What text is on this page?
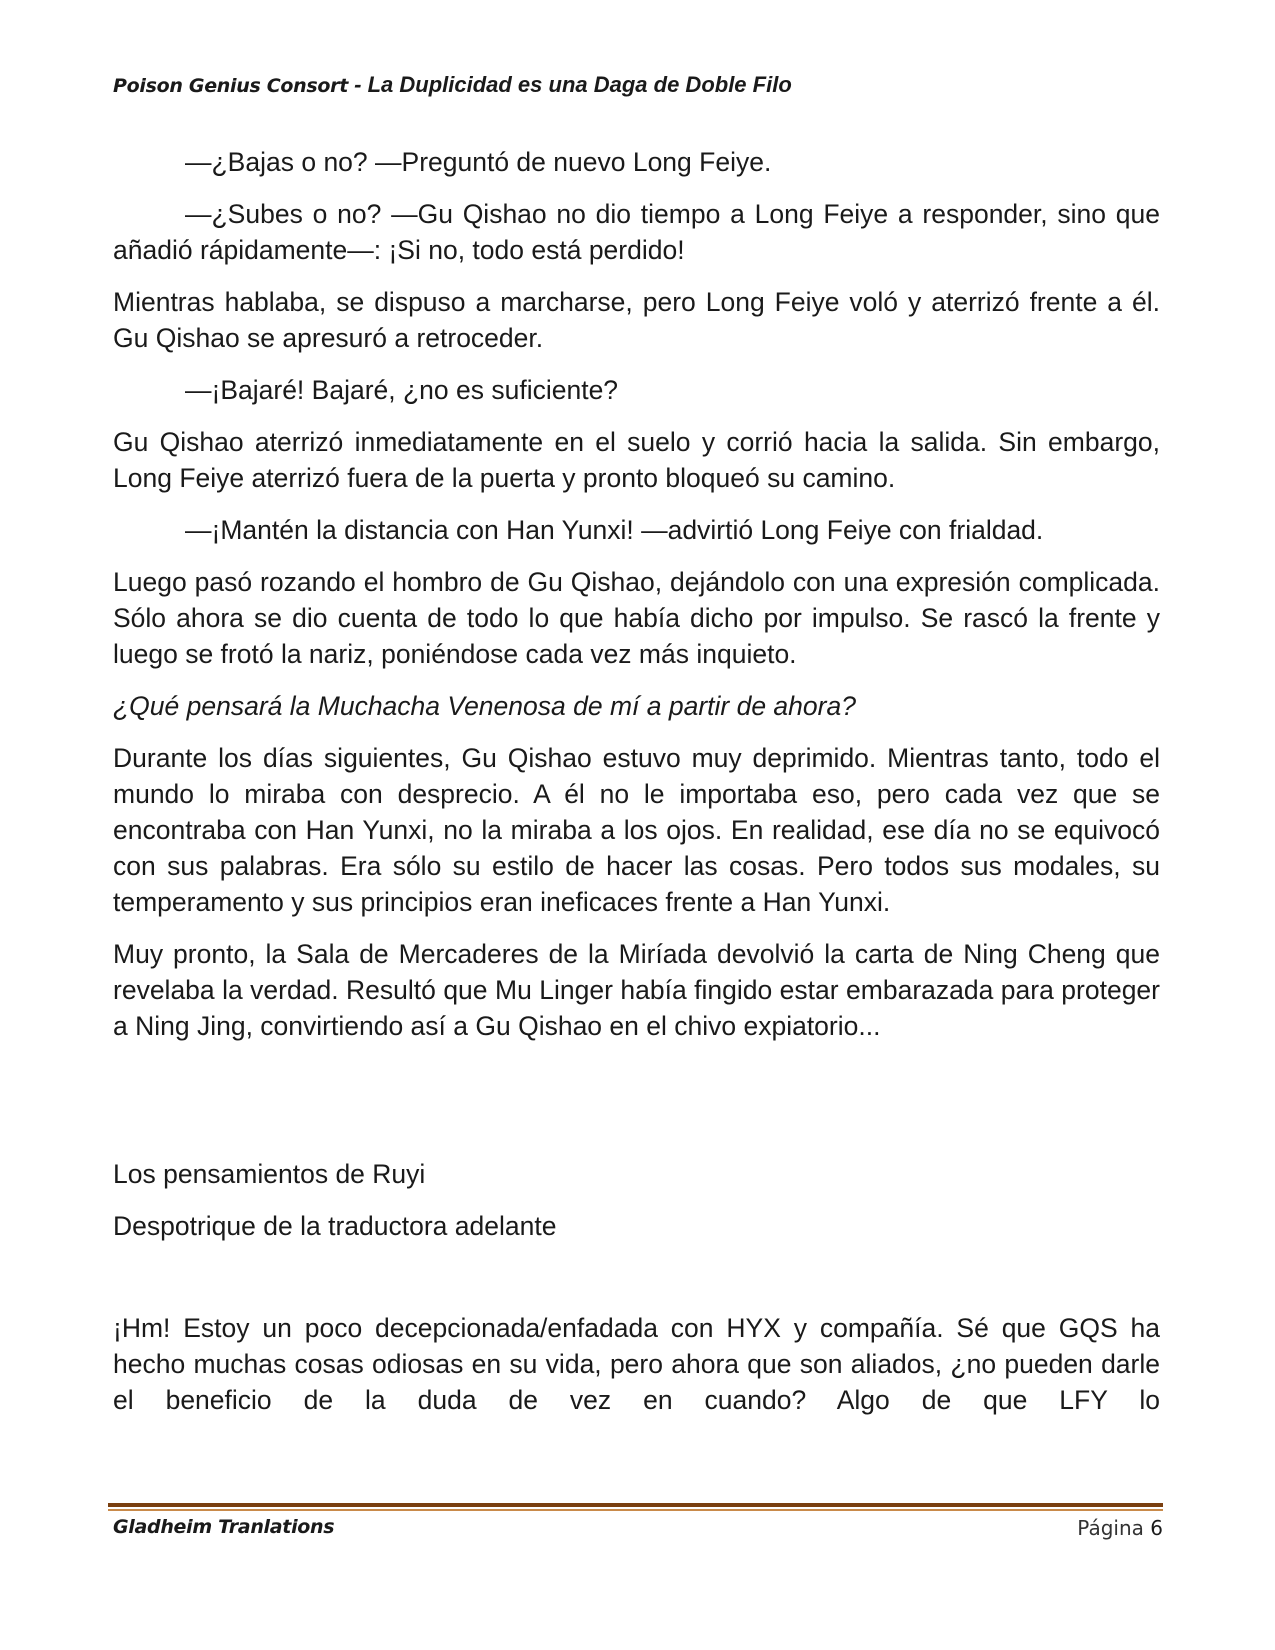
Poison Genius Consort - La Duplicidad es una Daga de Doble Filo

—¿Bajas o no? —Preguntó de nuevo Long Feiye.

—¿Subes o no? —Gu Qishao no dio tiempo a Long Feiye a responder, sino que añadió rápidamente—: ¡Si no, todo está perdido!

Mientras hablaba, se dispuso a marcharse, pero Long Feiye voló y aterrizó frente a él. Gu Qishao se apresuró a retroceder.

—¡Bajaré! Bajaré, ¿no es suficiente?

Gu Qishao aterrizó inmediatamente en el suelo y corrió hacia la salida. Sin embargo, Long Feiye aterrizó fuera de la puerta y pronto bloqueó su camino.

—¡Mantén la distancia con Han Yunxi! —advirtió Long Feiye con frialdad.

Luego pasó rozando el hombro de Gu Qishao, dejándolo con una expresión complicada. Sólo ahora se dio cuenta de todo lo que había dicho por impulso. Se rascó la frente y luego se frotó la nariz, poniéndose cada vez más inquieto.

¿Qué pensará la Muchacha Venenosa de mí a partir de ahora?

Durante los días siguientes, Gu Qishao estuvo muy deprimido. Mientras tanto, todo el mundo lo miraba con desprecio. A él no le importaba eso, pero cada vez que se encontraba con Han Yunxi, no la miraba a los ojos. En realidad, ese día no se equivocó con sus palabras. Era sólo su estilo de hacer las cosas. Pero todos sus modales, su temperamento y sus principios eran ineficaces frente a Han Yunxi.

Muy pronto, la Sala de Mercaderes de la Miríada devolvió la carta de Ning Cheng que revelaba la verdad. Resultó que Mu Linger había fingido estar embarazada para proteger a Ning Jing, convirtiendo así a Gu Qishao en el chivo expiatorio...

Los pensamientos de Ruyi

Despotrique de la traductora adelante

¡Hm! Estoy un poco decepcionada/enfadada con HYX y compañía. Sé que GQS ha hecho muchas cosas odiosas en su vida, pero ahora que son aliados, ¿no pueden darle el beneficio de la duda de vez en cuando? Algo de que LFY lo

Gladheim Tranlations	Página 6
